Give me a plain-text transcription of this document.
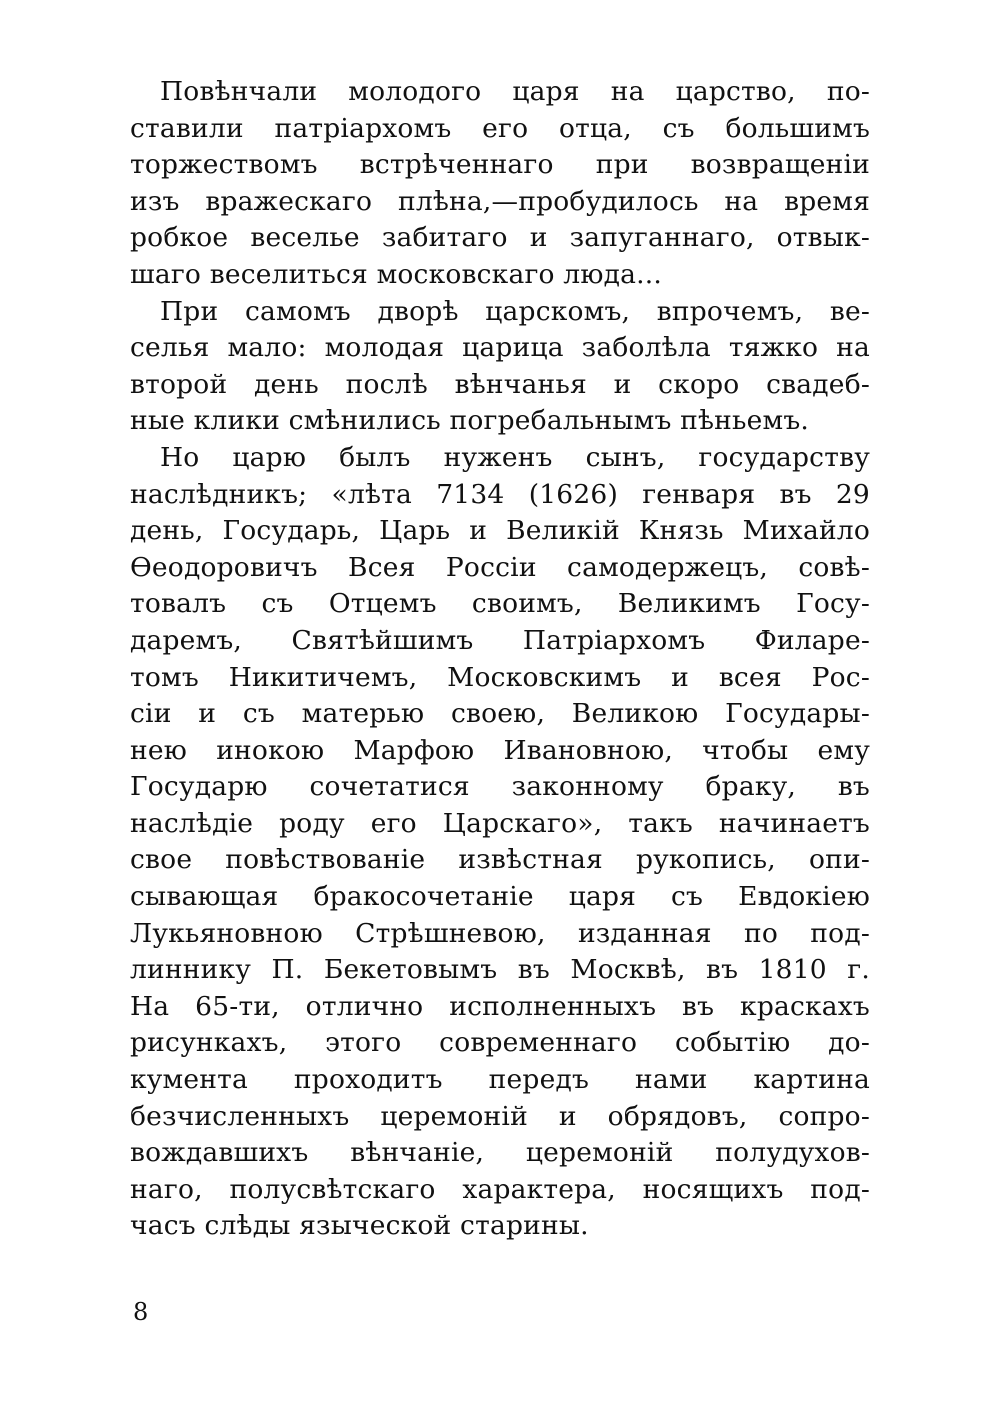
Повѣнчали молодого царя на царство, по-
ставили патріархомъ его отца, съ большимъ
торжествомъ встрѣченнаго при возвращеніи
изъ вражескаго плѣна,—пробудилось на время
робкое веселье забитаго и запуганнаго, отвык-
шаго веселиться московскаго люда...
При самомъ дворѣ царскомъ, впрочемъ, ве-
селья мало: молодая царица заболѣла тяжко на
второй день послѣ вѣнчанья и скоро свадеб-
ные клики смѣнились погребальнымъ пѣньемъ.
Но царю былъ нуженъ сынъ, государству
наслѣдникъ; «лѣта 7134 (1626) генваря въ 29
день, Государь, Царь и Великій Князь Михайло
Ѳеодоровичъ Всея Россіи самодержецъ, совѣ-
товалъ съ Отцемъ своимъ, Великимъ Госу-
даремъ, Святѣйшимъ Патріархомъ Филаре-
томъ Никитичемъ, Московскимъ и всея Рос-
сіи и съ матерью своею, Великою Государы-
нею инокою Марфою Ивановною, чтобы ему
Государю сочетатися законному браку, въ
наслѣдіе роду его Царскаго», такъ начинаетъ
свое повѣствованіе извѣстная рукопись, опи-
сывающая бракосочетаніе царя съ Евдокіею
Лукьяновною Стрѣшневою, изданная по под-
линнику П. Бекетовымъ въ Москвѣ, въ 1810 г.
На 65-ти, отлично исполненныхъ въ краскахъ
рисункахъ, этого современнаго событію до-
кумента проходитъ передъ нами картина
безчисленныхъ церемоній и обрядовъ, сопро-
вождавшихъ вѣнчаніе, церемоній полудухов-
наго, полусвѣтскаго характера, носящихъ под-
часъ слѣды языческой старины.
8
